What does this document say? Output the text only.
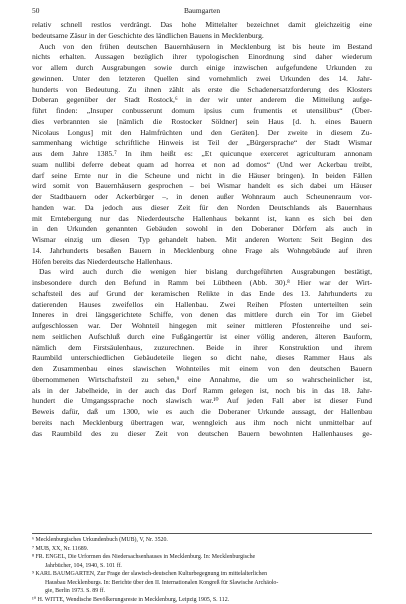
50	Baumgarten
relativ schnell restlos verdrängt. Das hohe Mittelalter bezeichnet damit gleichzeitig eine
bedeutsame Zäsur in der Geschichte des ländlichen Bauens in Mecklenburg.
Auch von den frühen deutschen Bauernhäusern in Mecklenburg ist bis heute im Bestand
nichts erhalten. Aussagen bezüglich ihrer typologischen Einordnung sind daher wiederum
vor allem durch Ausgrabungen sowie durch einige inzwischen aufgefundene Urkunden zu
gewinnen. Unter den letzteren Quellen sind vornehmlich zwei Urkunden des 14. Jahr-
hunderts von Bedeutung. Zu ihnen zählt als erste die Schadenersatzforderung des Klosters
Doberan gegenüber der Stadt Rostock,⁶ in der wir unter anderem die Mitteilung aufge-
führt finden: „Insuper conbusserunt domum ipsius cum frumentis et utensilibus“ (Über-
dies verbrannten sie [nämlich die Rostocker Söldner] sein Haus [d. h. eines Bauern
Nicolaus Longus] mit den Halmfrüchten und den Geräten]. Der zweite in diesem Zu-
sammenhang wichtige schriftliche Hinweis ist Teil der „Bürgersprache“ der Stadt Wismar
aus dem Jahre 1385.⁷ In ihm heißt es: „Et quicunque exerceret agriculturam annonam
suam nullibi deferre debeat quam ad horrea et non ad domos“ (Und wer Ackerbau treibt,
darf seine Ernte nur in die Scheune und nicht in die Häuser bringen). In beiden Fällen
wird somit von Bauernhäusern gesprochen – bei Wismar handelt es sich dabei um Häuser
der Stadtbauern oder Ackerbürger –, in denen außer Wohnraum auch Scheunenraum vor-
handen war. Da jedoch aus dieser Zeit für den Norden Deutschlands als Bauernhaus
mit Erntebergung nur das Niederdeutsche Hallenhaus bekannt ist, kann es sich bei den
in den Urkunden genannten Gebäuden sowohl in den Doberaner Dörfern als auch in
Wismar einzig um diesen Typ gehandelt haben. Mit anderen Worten: Seit Beginn des
14. Jahrhunderts besaßen Bauern in Mecklenburg ohne Frage als Wohngebäude auf ihren
Höfen bereits das Niederdeutsche Hallenhaus.
Das wird auch durch die wenigen hier bislang durchgeführten Ausgrabungen bestätigt,
insbesondere durch den Befund in Ramm bei Lübtheen (Abb. 30).⁸ Hier war der Wirt-
schaftsteil des auf Grund der keramischen Relikte in das Ende des 13. Jahrhunderts zu
datierenden Hauses zweifellos ein Hallenbau. Zwei Reihen Pfosten unterteilten sein
Inneres in drei längsgerichtete Schiffe, von denen das mittlere durch ein Tor im Giebel
aufgeschlossen war. Der Wohnteil hingegen mit seiner mittleren Pfostenreihe und sei-
nem seitlichen Aufschluß durch eine Fußgängertür ist einer völlig anderen, älteren Bauform,
nämlich dem Firstsäulenhaus, zuzurechnen. Beide in ihrer Konstruktion und ihrem
Raumbild unterschiedlichen Gebäudeteile liegen so dicht nahe, dieses Rammer Haus als
den Zusammenbau eines slawischen Wohnteiles mit einem von den deutschen Bauern
übernommenen Wirtschaftsteil zu sehen,⁹ eine Annahme, die um so wahrscheinlicher ist,
als in der Jabelheide, in der auch das Dorf Ramm gelegen ist, noch bis in das 18. Jahr-
hundert die Umgangssprache noch slawisch war.¹⁰ Auf jeden Fall aber ist dieser Fund
Beweis dafür, daß um 1300, wie es auch die Doberaner Urkunde aussagt, der Hallenbau
bereits nach Mecklenburg übertragen war, wenngleich aus ihm noch nicht unmittelbar auf
das Raumbild des zu dieser Zeit von deutschen Bauern bewohnten Hallenhauses ge-
⁶ Mecklenburgisches Urkundenbuch (MUB), V, Nr. 3520.
⁷ MUB, XX, Nr. 11689.
⁸ FR. ENGEL, Die Urformen des Niedersachsenhauses in Mecklenburg. In: Mecklenburgische
Jahrbücher, 104, 1940, S. 101 ff.
⁹ KARL BAUMGARTEN, Zur Frage der slawisch-deutschen Kulturbegegnung im mittelalterlichen
Hausbau Mecklenburgs. In: Berichte über den II. Internationalen Kongreß für Slawische Archäolo-
gie, Berlin 1973. S. 89 ff.
¹⁰ H. WITTE, Wendische Bevölkerungsreste in Mecklenburg, Leipzig 1905, S. 112.
